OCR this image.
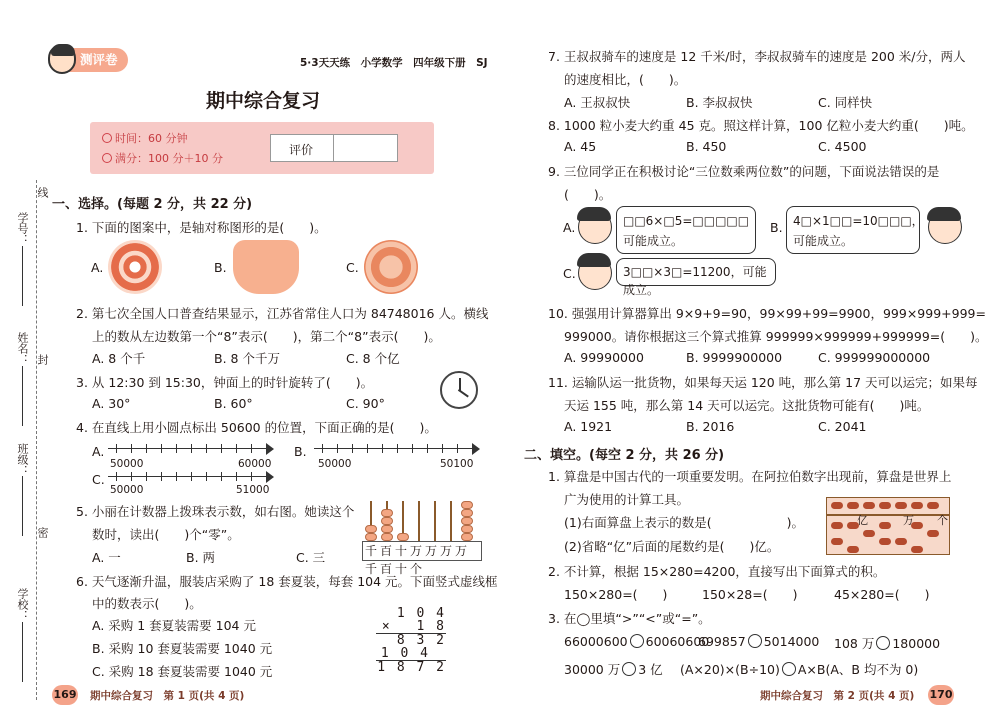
学号：
线
姓名： 封
班级：
密
学校：
测评卷	5·3天天练　小学数学　四年级下册　SJ
期中综合复习
时间：60 分钟
满分：100 分＋10 分
评价
一、选择。(每题 2 分，共 22 分)
1. 下面的图案中，是轴对称图形的是(　　)。
A.	B.	C.
2. 第七次全国人口普查结果显示，江苏省常住人口为 84748016 人。横线
上的数从左边数第一个“8”表示(　　)，第二个“8”表示(　　)。
A. 8 个千	B. 8 个千万	C. 8 个亿
3. 从 12:30 到 15:30，钟面上的时针旋转了(　　)。
A. 30°	B. 60°	C. 90°
4. 在直线上用小圆点标出 50600 的位置，下面正确的是(　　)。
A.
50000	60000
B.
50000	50100
C.
50000	51000
5. 小丽在计数器上拨珠表示数，如右图。她读这个
数时，读出(　　)个“零”。
A. 一	B. 两	C. 三	千百十万万万万千百十个
6. 天气逐渐升温，服装店采购了 18 套夏装，每套 104 元。下面竖式虚线框
中的数表示(　　)。
A. 采购 1 套夏装需要 104 元
B. 采购 10 套夏装需要 1040 元
C. 采购 18 套夏装需要 1040 元
1 0 4
×　 1 8
8 3 2
1 0 4
1 8 7 2
7. 王叔叔骑车的速度是 12 千米/时，李叔叔骑车的速度是 200 米/分，两人
的速度相比，(　　)。
A. 王叔叔快	B. 李叔叔快	C. 同样快
8. 1000 粒小麦大约重 45 克。照这样计算，100 亿粒小麦大约重(　　)吨。
A. 45	B. 450	C. 4500
9. 三位同学正在积极讨论“三位数乘两位数”的问题，下面说法错误的是
(　　)。
A.	□□6×□5=□□□□□
可能成立。
B. 4□×1□□=10□□□，
可能成立。
C.	3□□×3□=11200，可能成立。
10. 强强用计算器算出 9×9+9=90，99×99+99=9900，999×999+999=
999000。请你根据这三个算式推算 999999×999999+999999=(　　)。
A. 99990000	B. 9999900000	C. 999999000000
11. 运输队运一批货物，如果每天运 120 吨，那么第 17 天可以运完；如果每
天运 155 吨，那么第 14 天可以运完。这批货物可能有(　　)吨。
A. 1921	B. 2016	C. 2041
二、填空。(每空 2 分，共 26 分)
1. 算盘是中国古代的一项重要发明。在阿拉伯数字出现前，算盘是世界上
广为使用的计算工具。
(1)右面算盘上表示的数是(　　　　　　)。
(2)省略“亿”后面的尾数约是(　　)亿。
亿	万 个
2. 不计算，根据 15×280=4200，直接写出下面算式的积。
150×280=(　　)	150×28=(　　)	45×280=(　　)
3. 在◯里填“>”“<”或“=”。
66000600 60060600
699857 5014000 108 万 180000
30000 万 3 亿 (A×20)×(B÷10) A×B(A、B 均不为 0)
169 期中综合复习　第 1 页(共 4 页)	期中综合复习　第 2 页(共 4 页) 170
